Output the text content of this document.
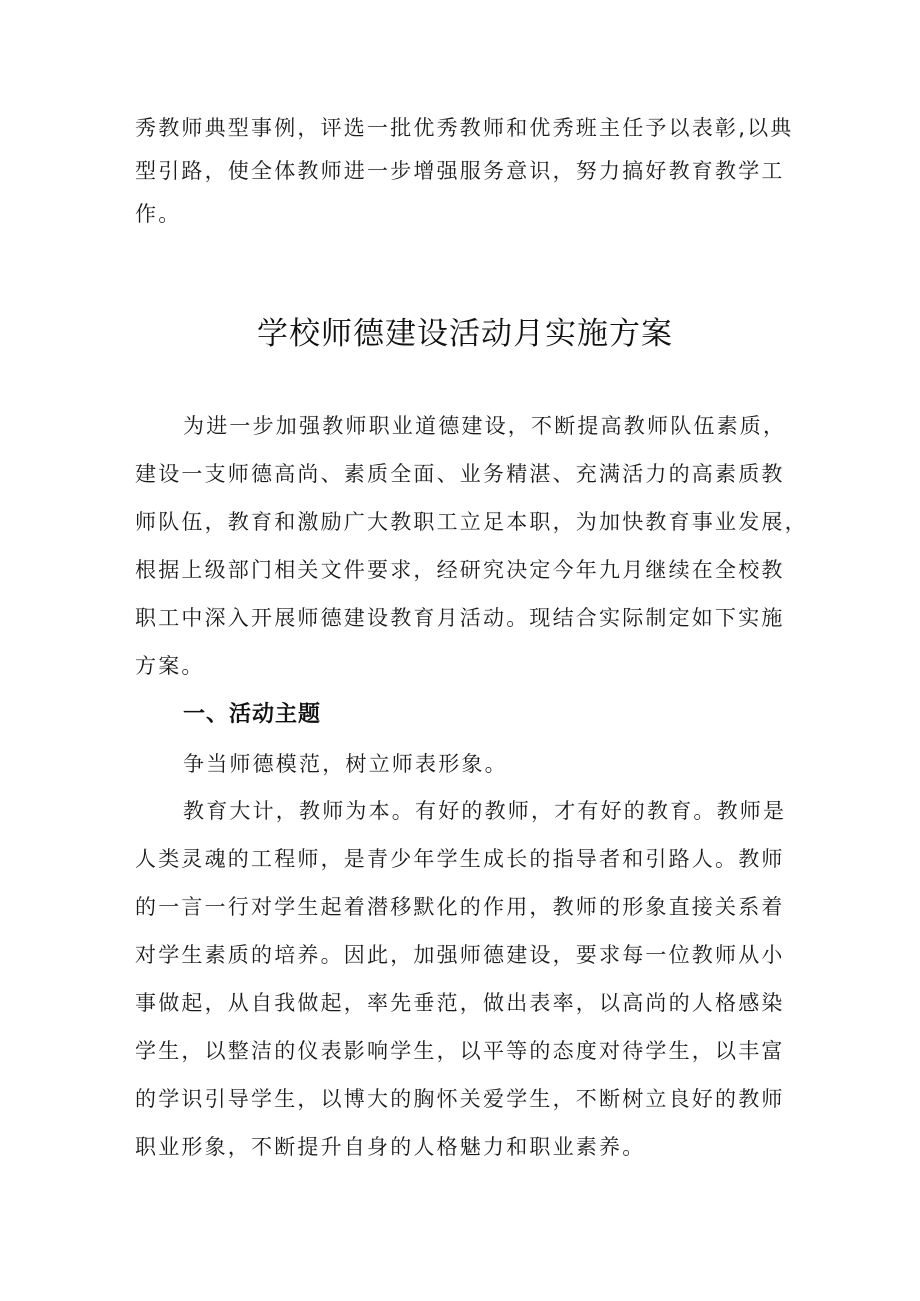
秀教师典型事例，评选一批优秀教师和优秀班主任予以表彰,以典
型引路，使全体教师进一步增强服务意识，努力搞好教育教学工
作。
学校师德建设活动月实施方案
为进一步加强教师职业道德建设，不断提高教师队伍素质，
建设一支师德高尚、素质全面、业务精湛、充满活力的高素质教
师队伍，教育和激励广大教职工立足本职，为加快教育事业发展，
根据上级部门相关文件要求，经研究决定今年九月继续在全校教
职工中深入开展师德建设教育月活动。现结合实际制定如下实施
方案。
一、活动主题
争当师德模范，树立师表形象。
教育大计，教师为本。有好的教师，才有好的教育。教师是
人类灵魂的工程师，是青少年学生成长的指导者和引路人。教师
的一言一行对学生起着潜移默化的作用，教师的形象直接关系着
对学生素质的培养。因此，加强师德建设，要求每一位教师从小
事做起，从自我做起，率先垂范，做出表率，以高尚的人格感染
学生，以整洁的仪表影响学生，以平等的态度对待学生，以丰富
的学识引导学生，以博大的胸怀关爱学生，不断树立良好的教师
职业形象，不断提升自身的人格魅力和职业素养。
